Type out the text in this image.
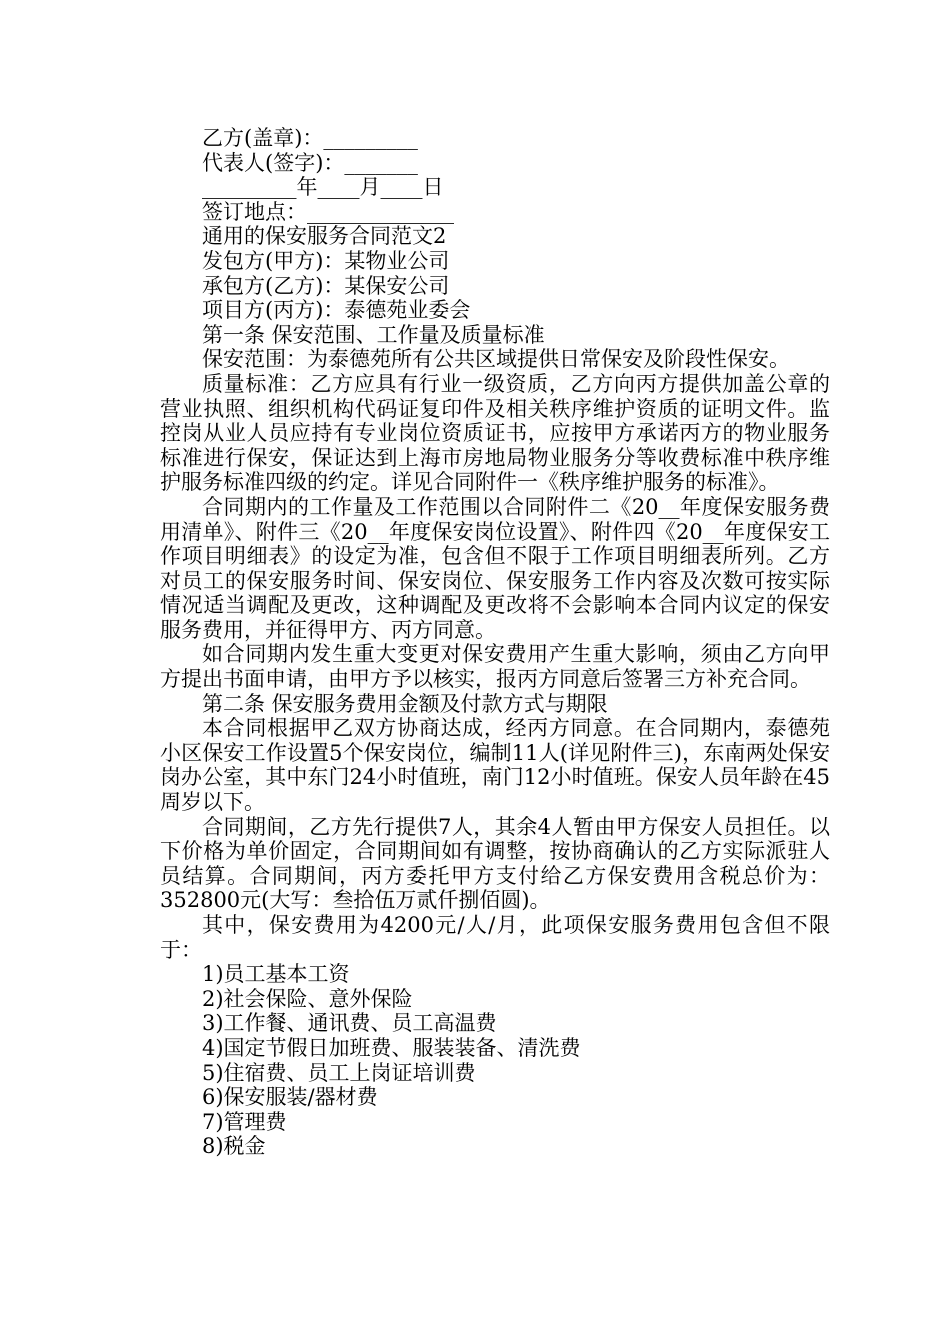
乙方(盖章)：_________
代表人(签字)：_______
_________年____月____日
签订地点：______________
通用的保安服务合同范文2
发包方(甲方)：某物业公司
承包方(乙方)：某保安公司
项目方(丙方)：泰德苑业委会
第一条 保安范围、工作量及质量标准
保安范围：为泰德苑所有公共区域提供日常保安及阶段性保安。
质量标准：乙方应具有行业一级资质，乙方向丙方提供加盖公章的营业执照、组织机构代码证复印件及相关秩序维护资质的证明文件。监控岗从业人员应持有专业岗位资质证书，应按甲方承诺丙方的物业服务标准进行保安，保证达到上海市房地局物业服务分等收费标准中秩序维护服务标准四级的约定。详见合同附件一《秩序维护服务的标准》。
合同期内的工作量及工作范围以合同附件二《20__年度保安服务费用清单》、附件三《20__年度保安岗位设置》、附件四《20__年度保安工作项目明细表》的设定为准，包含但不限于工作项目明细表所列。乙方对员工的保安服务时间、保安岗位、保安服务工作内容及次数可按实际情况适当调配及更改，这种调配及更改将不会影响本合同内议定的保安服务费用，并征得甲方、丙方同意。
如合同期内发生重大变更对保安费用产生重大影响，须由乙方向甲方提出书面申请，由甲方予以核实，报丙方同意后签署三方补充合同。
第二条 保安服务费用金额及付款方式与期限
本合同根据甲乙双方协商达成，经丙方同意。在合同期内，泰德苑小区保安工作设置5个保安岗位，编制11人(详见附件三)，东南两处保安岗办公室，其中东门24小时值班，南门12小时值班。保安人员年龄在45周岁以下。
合同期间，乙方先行提供7人，其余4人暂由甲方保安人员担任。以下价格为单价固定，合同期间如有调整，按协商确认的乙方实际派驻人员结算。合同期间，丙方委托甲方支付给乙方保安费用含税总价为：352800元(大写：叁拾伍万贰仟捌佰圆)。
其中，保安费用为4200元/人/月，此项保安服务费用包含但不限于：
1)员工基本工资
2)社会保险、意外保险
3)工作餐、通讯费、员工高温费
4)国定节假日加班费、服装装备、清洗费
5)住宿费、员工上岗证培训费
6)保安服装/器材费
7)管理费
8)税金
